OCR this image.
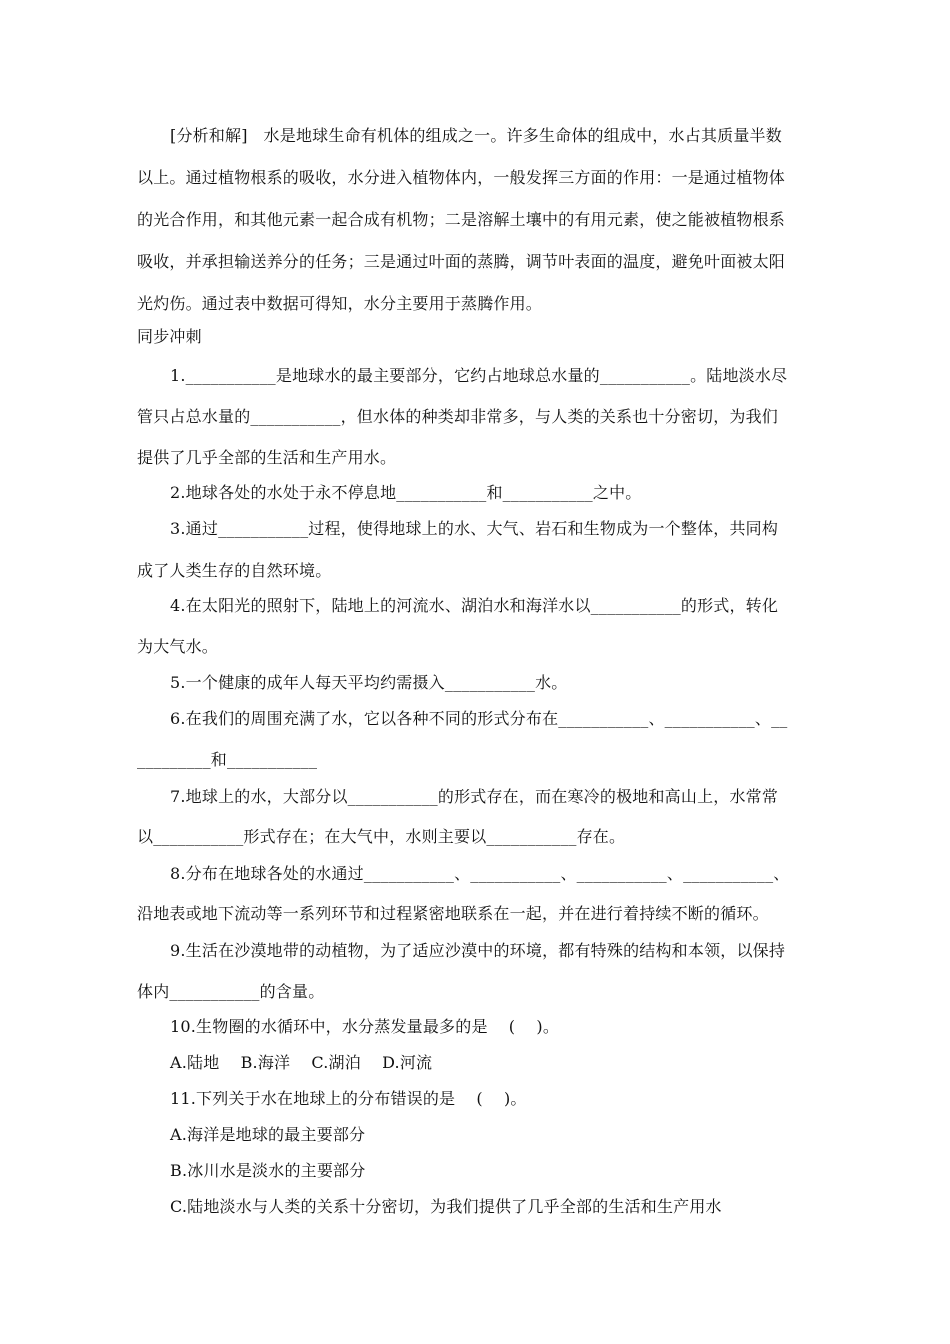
[分析和解]   水是地球生命有机体的组成之一。许多生命体的组成中，水占其质量半数
以上。通过植物根系的吸收，水分进入植物体内，一般发挥三方面的作用：一是通过植物体
的光合作用，和其他元素一起合成有机物；二是溶解土壤中的有用元素，使之能被植物根系
吸收，并承担输送养分的任务；三是通过叶面的蒸腾，调节叶表面的温度，避免叶面被太阳
光灼伤。通过表中数据可得知，水分主要用于蒸腾作用。
同步冲刺
1.___________是地球水的最主要部分，它约占地球总水量的___________。陆地淡水尽
管只占总水量的___________，但水体的种类却非常多，与人类的关系也十分密切，为我们
提供了几乎全部的生活和生产用水。
2.地球各处的水处于永不停息地___________和___________之中。
3.通过___________过程，使得地球上的水、大气、岩石和生物成为一个整体，共同构
成了人类生存的自然环境。
4.在太阳光的照射下，陆地上的河流水、湖泊水和海洋水以___________的形式，转化
为大气水。
5.一个健康的成年人每天平均约需摄入___________水。
6.在我们的周围充满了水，它以各种不同的形式分布在___________、___________、__
_________和___________
7.地球上的水，大部分以___________的形式存在，而在寒冷的极地和高山上，水常常
以___________形式存在；在大气中，水则主要以___________存在。
8.分布在地球各处的水通过___________、___________、___________、___________、
沿地表或地下流动等一系列环节和过程紧密地联系在一起，并在进行着持续不断的循环。
9.生活在沙漠地带的动植物，为了适应沙漠中的环境，都有特殊的结构和本领，以保持
体内___________的含量。
10.生物圈的水循环中，水分蒸发量最多的是    (    )。
A.陆地    B.海洋    C.湖泊    D.河流
11.下列关于水在地球上的分布错误的是    (    )。
A.海洋是地球的最主要部分
B.冰川水是淡水的主要部分
C.陆地淡水与人类的关系十分密切，为我们提供了几乎全部的生活和生产用水
